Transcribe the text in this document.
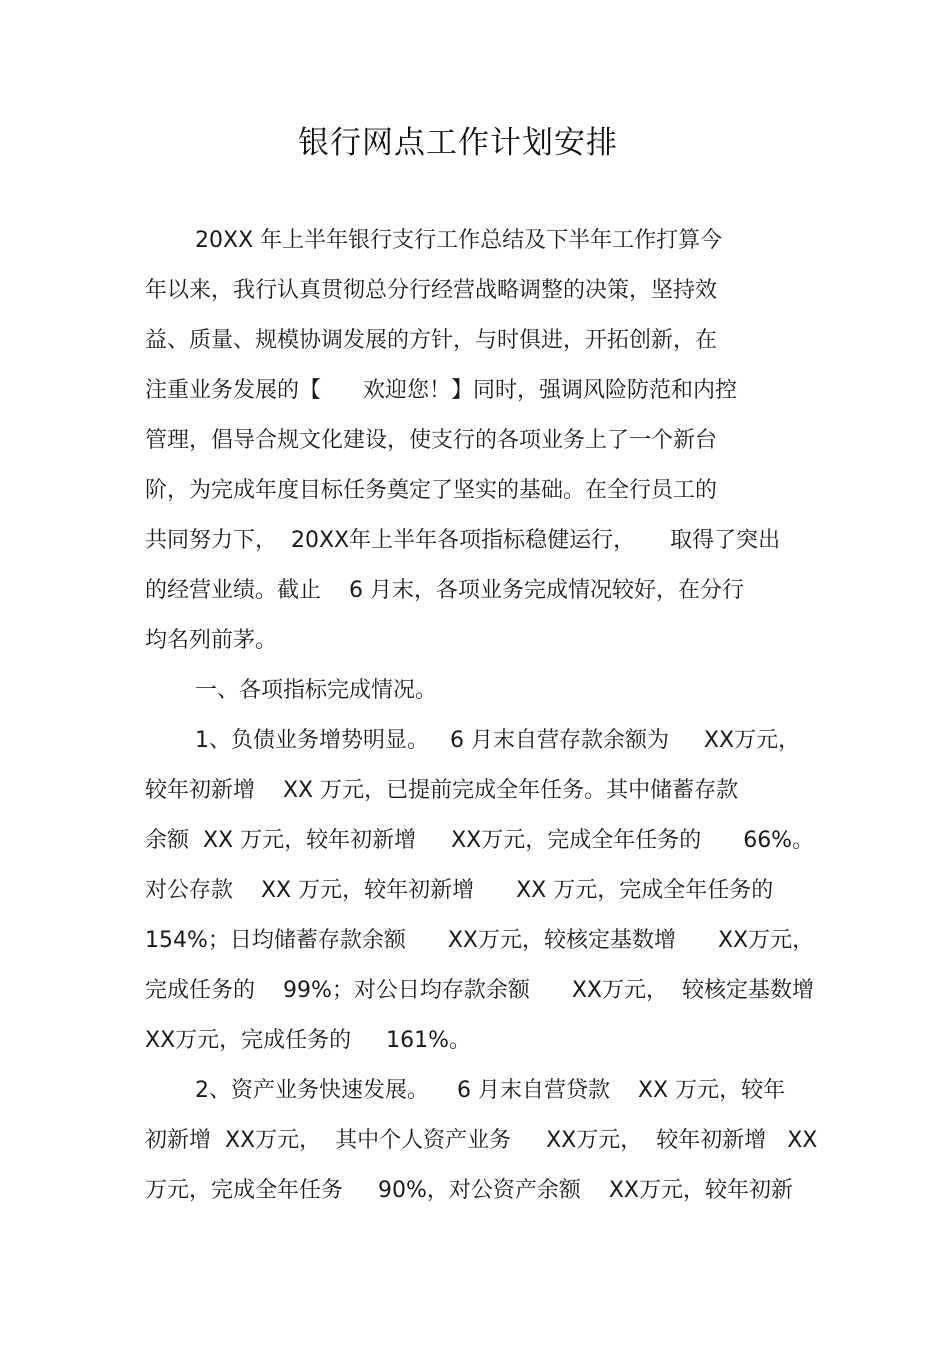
银行网点工作计划安排
20XX 年上半年银行支行工作总结及下半年工作打算今
年以来，我行认真贯彻总分行经营战略调整的决策，坚持效
益、质量、规模协调发展的方针，与时俱进，开拓创新，在
注重业务发展的【      欢迎您！】同时，强调风险防范和内控
管理，倡导合规文化建设，使支行的各项业务上了一个新台
阶，为完成年度目标任务奠定了坚实的基础。在全行员工的
共同努力下，  20XX年上半年各项指标稳健运行，     取得了突出
的经营业绩。截止    6 月末，各项业务完成情况较好，在分行
均名列前茅。
一、各项指标完成情况。
1、负债业务增势明显。   6 月末自营存款余额为     XX万元，
较年初新增    XX 万元，已提前完成全年任务。其中储蓄存款
余额  XX 万元，较年初新增     XX万元，完成全年任务的      66%。
对公存款    XX 万元，较年初新增      XX 万元，完成全年任务的
154%；日均储蓄存款余额      XX万元，较核定基数增      XX万元，
完成任务的    99%；对公日均存款余额      XX万元，  较核定基数增
XX万元，完成任务的     161%。
2、资产业务快速发展。    6 月末自营贷款    XX 万元，较年
初新增  XX万元，  其中个人资产业务     XX万元，  较年初新增   XX
万元，完成全年任务     90%，对公资产余额    XX万元，较年初新
